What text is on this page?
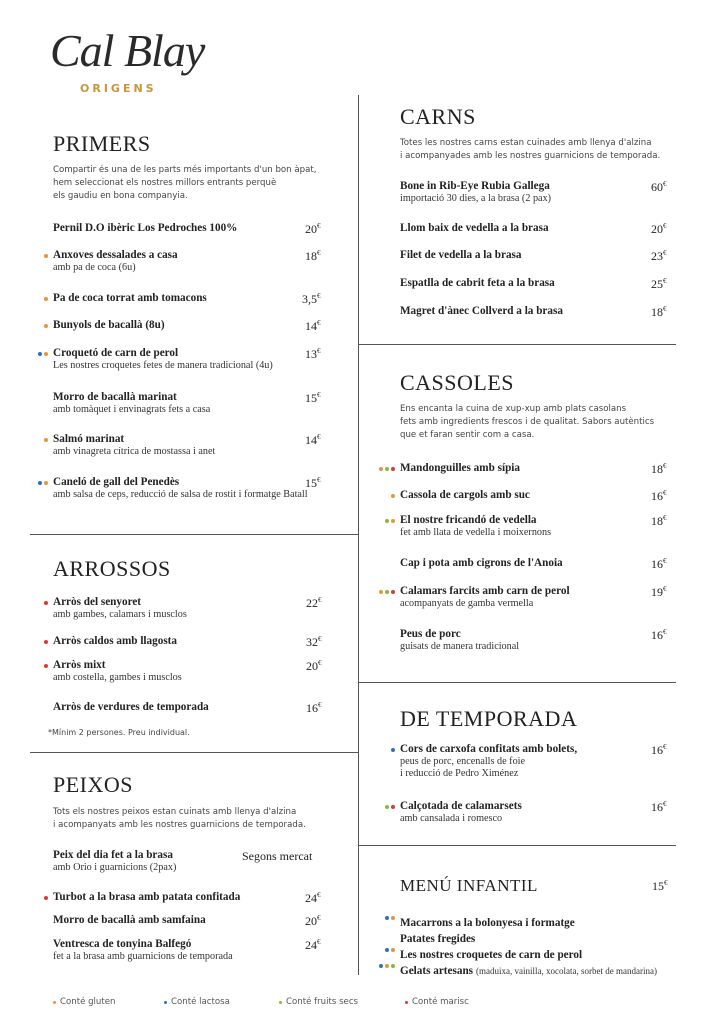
Cal Blay
ORIGENS
PRIMERS
Compartir és una de les parts més importants d'un bon àpat,
hem seleccionat els nostres millors entrants perquè
els gaudiu en bona companyia.
Pernil D.O ibèric Los Pedroches 100%	20€
Anxoves dessalades a casa
amb pa de coca (6u)
18€
Pa de coca torrat amb tomacons	3,5€
Bunyols de bacallà (8u)	14€
Croquetó de carn de perol
Les nostres croquetes fetes de manera tradicional (4u)
13€
Morro de bacallà marinat
amb tomàquet i envinagrats fets a casa
15€
Salmó marinat
amb vinagreta cítrica de mostassa i anet
14€
Caneló de gall del Penedès
amb salsa de ceps, reducció de salsa de rostit i formatge Batall
15€
ARROSSOS
Arròs del senyoret
amb gambes, calamars i musclos
22€
Arròs caldos amb llagosta	32€
Arròs mixt
amb costella, gambes i musclos
20€
Arròs de verdures de temporada	16€
*Mínim 2 persones. Preu individual.
PEIXOS
Tots els nostres peixos estan cuinats amb llenya d'alzina
i acompanyats amb les nostres guarnicions de temporada.
Peix del dia fet a la brasa
amb Orio i guarnicions (2pax)
Segons mercat
Turbot a la brasa amb patata confitada	24€
Morro de bacallà amb samfaina	20€
Ventresca de tonyina Balfegó
fet a la brasa amb guarnicions de temporada
24€
CARNS
Totes les nostres carns estan cuinades amb llenya d'alzina
i acompanyades amb les nostres guarnicions de temporada.
Bone in Rib-Eye Rubia Gallega
importació 30 dies, a la brasa (2 pax)
60€
Llom baix de vedella a la brasa	20€
Filet de vedella a la brasa	23€
Espatlla de cabrit feta a la brasa	25€
Magret d'ànec Collverd a la brasa	18€
CASSOLES
Ens encanta la cuina de xup-xup amb plats casolans
fets amb ingredients frescos i de qualitat. Sabors autèntics
que et faran sentir com a casa.
Mandonguilles amb sípia	18€
Cassola de cargols amb suc	16€
El nostre fricandó de vedella
fet amb llata de vedella i moixernons
18€
Cap i pota amb cigrons de l'Anoia	16€
Calamars farcits amb carn de perol
acompanyats de gamba vermella
19€
Peus de porc
guisats de manera tradicional
16€
DE TEMPORADA
Cors de carxofa confitats amb bolets,
peus de porc, encenalls de foie
i reducció de Pedro Ximénez
16€
Calçotada de calamarsets
amb cansalada i romesco
16€
MENÚ INFANTIL	15€
Macarrons a la bolonyesa i formatge
Patates fregides
Les nostres croquetes de carn de perol
Gelats artesans (maduixa, vainilla, xocolata, sorbet de mandarina)
Conté gluten	Conté lactosa	Conté fruits secs	Conté marisc
